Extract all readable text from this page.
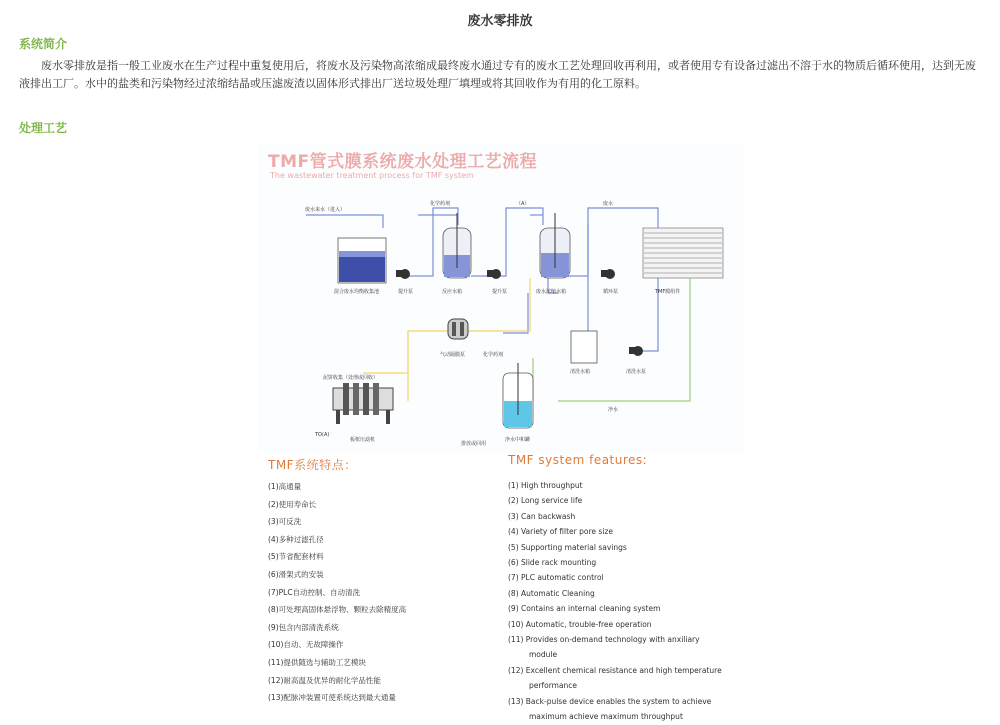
废水零排放
系统简介
废水零排放是指一般工业废水在生产过程中重复使用后，将废水及污染物高浓缩成最终废水通过专有的废水工艺处理回收再利用，或者使用专有设备过滤出不溶于水的物质后循环使用，达到无废液排出工厂。水中的盐类和污染物经过浓缩结晶或压滤废渣以固体形式排出厂送垃圾处理厂填埋或将其回收作为有用的化工原料。
处理工艺
废水来水（进入）
化学药剂	（A）	废水
混合废水均衡收集池	提升泵	反应水箱	提升泵	废水浓缩水箱	循环泵	TMF膜组件
气动隔膜泵
泥饼收集（处理或回收）
化学药剂
清洗水箱	清洗水泵
净水
TO(A)
板框压滤机
排放或回用
净水中和罐
TMF系统特点：
(1)高通量
(2)使用寿命长
(3)可反洗
(4)多种过滤孔径
(5)节省配套材料
(6)滑架式的安装
(7)PLC自动控制、自动清洗
(8)可处理高固体悬浮物、颗粒去除精度高
(9)包含内部清洗系统
(10)自动、无故障操作
(11)提供随选与辅助工艺模块
(12)耐高温及优异的耐化学品性能
(13)配脉冲装置可使系统达到最大通量
TMF system features:
(1) High throughput
(2) Long service life
(3) Can backwash
(4) Variety of filter pore size
(5) Supporting material savings
(6) Slide rack mounting
(7) PLC automatic control
(8) Automatic Cleaning
(9) Contains an internal cleaning system
(10) Automatic, trouble-free operation
(11) Provides on-demand technology with anxiliary
module
(12) Excellent chemical resistance and high temperature
performance
(13) Back-pulse device enables the system to achieve
maximum achieve maximum throughput
